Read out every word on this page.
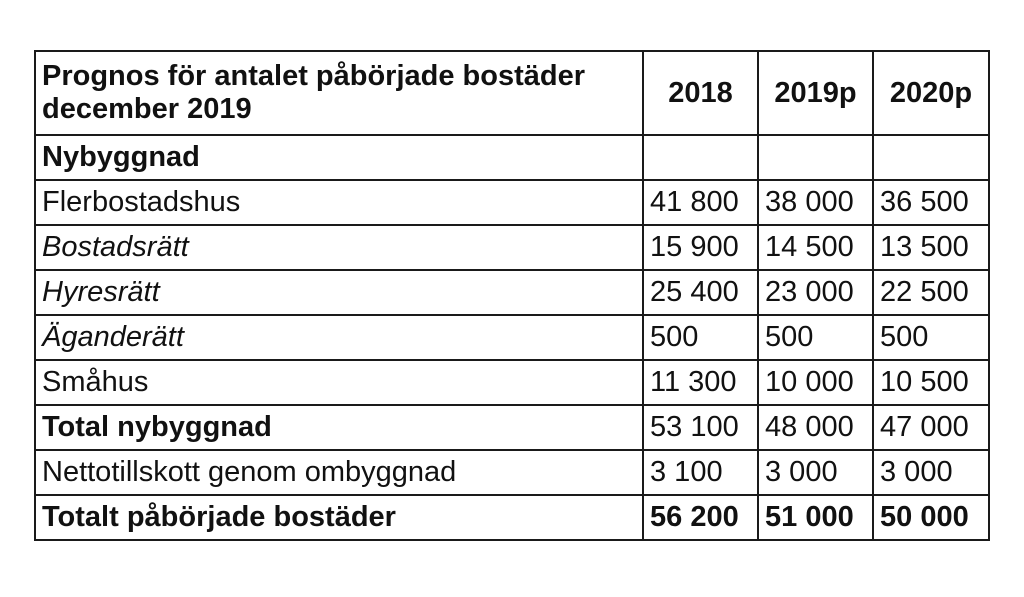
Prognos för antalet påbörjade bostäder
december 2019	2018	2019p	2020p
Nybyggnad			
Flerbostadshus	41 800	38 000	36 500
Bostadsrätt	15 900	14 500	13 500
Hyresrätt	25 400	23 000	22 500
Äganderätt	500	500	500
Småhus	11 300	10 000	10 500
Total nybyggnad	53 100	48 000	47 000
Nettotillskott genom ombyggnad	3 100	3 000	3 000
Totalt påbörjade bostäder	56 200	51 000	50 000
